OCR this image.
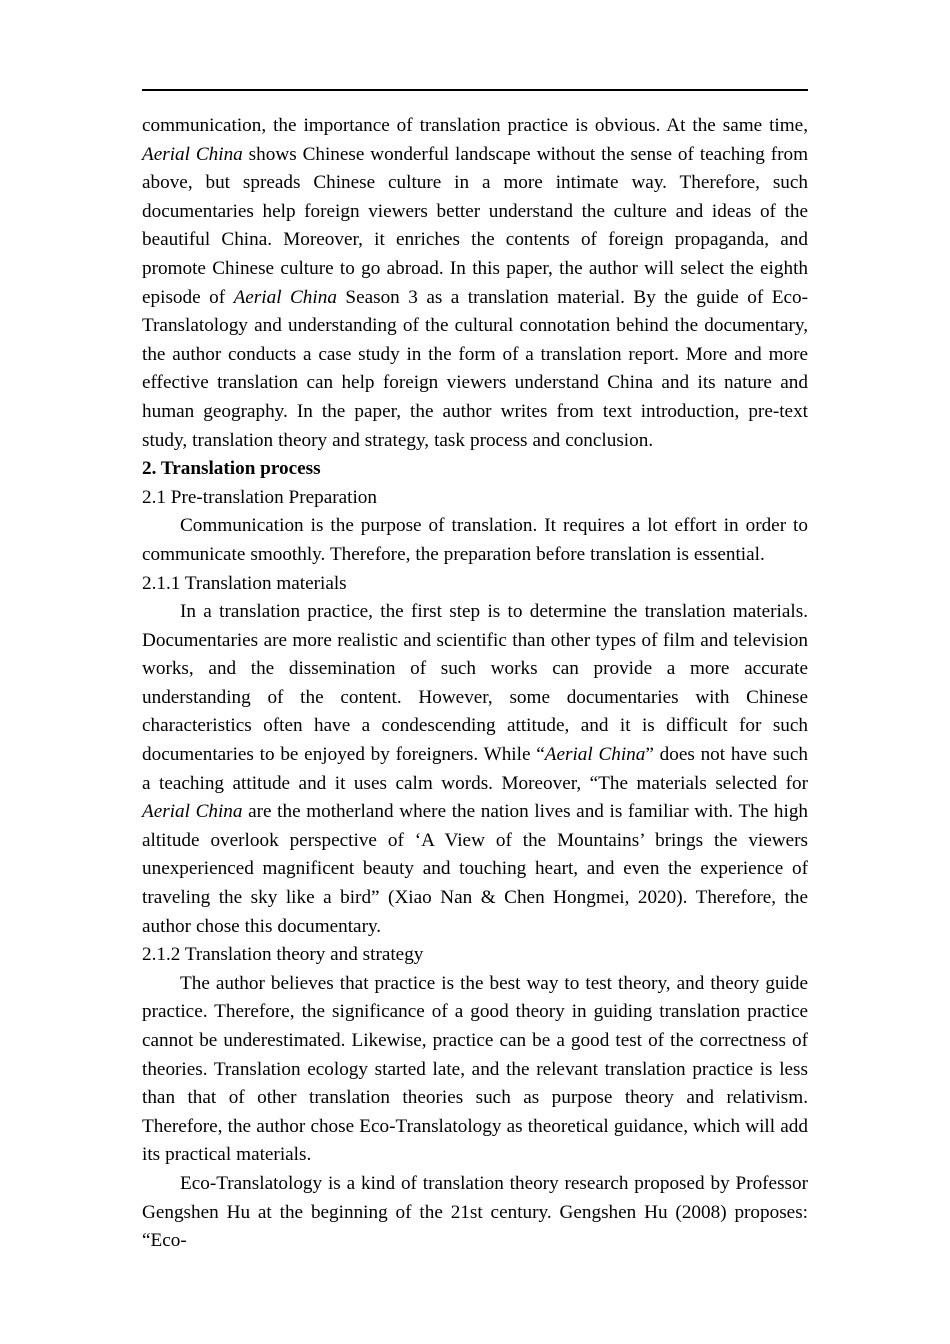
communication, the importance of translation practice is obvious. At the same time, Aerial China shows Chinese wonderful landscape without the sense of teaching from above, but spreads Chinese culture in a more intimate way. Therefore, such documentaries help foreign viewers better understand the culture and ideas of the beautiful China. Moreover, it enriches the contents of foreign propaganda, and promote Chinese culture to go abroad. In this paper, the author will select the eighth episode of Aerial China Season 3 as a translation material. By the guide of Eco-Translatology and understanding of the cultural connotation behind the documentary, the author conducts a case study in the form of a translation report. More and more effective translation can help foreign viewers understand China and its nature and human geography. In the paper, the author writes from text introduction, pre-text study, translation theory and strategy, task process and conclusion.

2. Translation process

2.1 Pre-translation Preparation

Communication is the purpose of translation. It requires a lot effort in order to communicate smoothly. Therefore, the preparation before translation is essential.

2.1.1 Translation materials

In a translation practice, the first step is to determine the translation materials. Documentaries are more realistic and scientific than other types of film and television works, and the dissemination of such works can provide a more accurate understanding of the content. However, some documentaries with Chinese characteristics often have a condescending attitude, and it is difficult for such documentaries to be enjoyed by foreigners. While “Aerial China” does not have such a teaching attitude and it uses calm words. Moreover, “The materials selected for Aerial China are the motherland where the nation lives and is familiar with. The high altitude overlook perspective of ‘A View of the Mountains’ brings the viewers unexperienced magnificent beauty and touching heart, and even the experience of traveling the sky like a bird” (Xiao Nan & Chen Hongmei, 2020). Therefore, the author chose this documentary.

2.1.2 Translation theory and strategy

The author believes that practice is the best way to test theory, and theory guide practice. Therefore, the significance of a good theory in guiding translation practice cannot be underestimated. Likewise, practice can be a good test of the correctness of theories. Translation ecology started late, and the relevant translation practice is less than that of other translation theories such as purpose theory and relativism. Therefore, the author chose Eco-Translatology as theoretical guidance, which will add its practical materials.

Eco-Translatology is a kind of translation theory research proposed by Professor Gengshen Hu at the beginning of the 21st century. Gengshen Hu (2008) proposes: “Eco-
